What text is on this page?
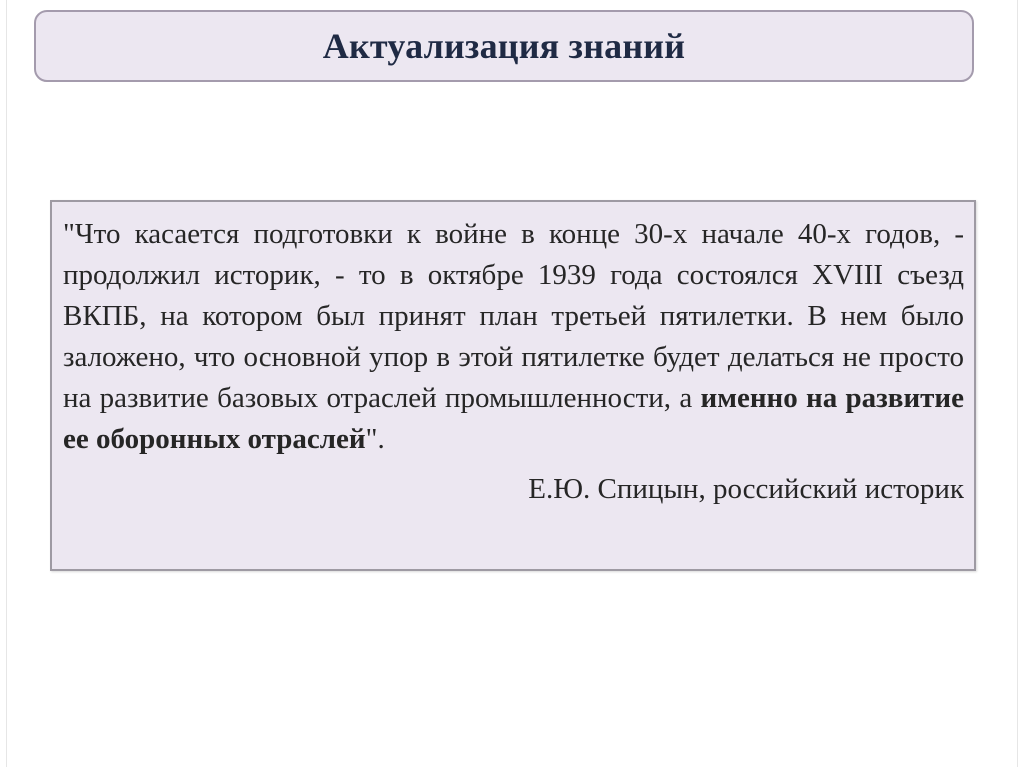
Актуализация знаний

"Что касается подготовки к войне в конце 30-х начале 40-х годов, - продолжил историк, - то в октябре 1939 года состоялся XVIII съезд ВКПБ, на котором был принят план третьей пятилетки. В нем было заложено, что основной упор в этой пятилетке будет делаться не просто на развитие базовых отраслей промышленности, а именно на развитие ее оборонных отраслей".

Е.Ю. Спицын, российский историк
